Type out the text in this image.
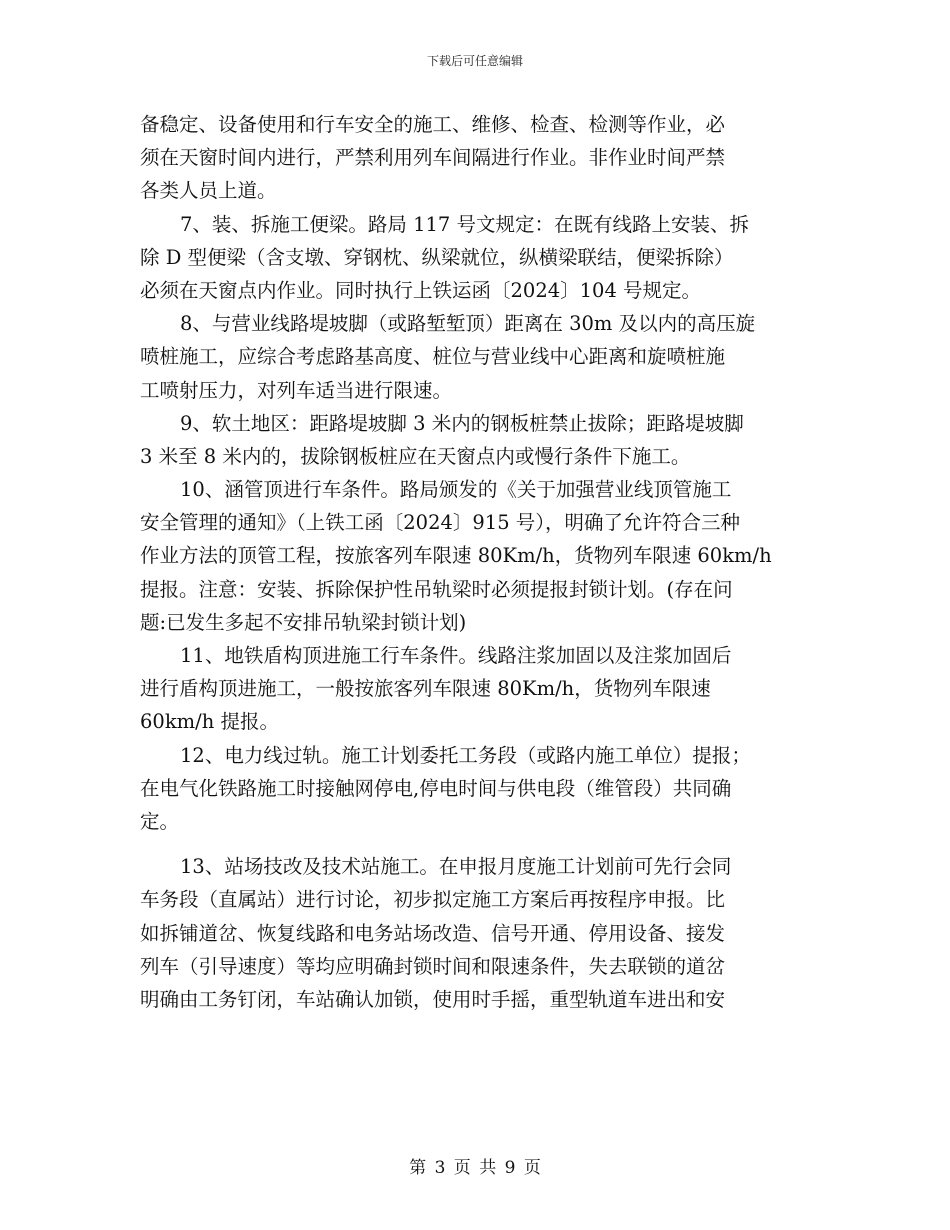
下载后可任意编辑
备稳定、设备使用和行车安全的施工、维修、检查、检测等作业，必
须在天窗时间内进行，严禁利用列车间隔进行作业。非作业时间严禁
各类人员上道。
7、装、拆施工便梁。路局 117 号文规定：在既有线路上安装、拆
除 D 型便梁（含支墩、穿钢枕、纵梁就位，纵横梁联结，便梁拆除）
必须在天窗点内作业。同时执行上铁运函〔2024〕104 号规定。
8、与营业线路堤坡脚（或路堑堑顶）距离在 30m 及以内的高压旋
喷桩施工，应综合考虑路基高度、桩位与营业线中心距离和旋喷桩施
工喷射压力，对列车适当进行限速。
9、软土地区：距路堤坡脚 3 米内的钢板桩禁止拔除；距路堤坡脚
3 米至 8 米内的，拔除钢板桩应在天窗点内或慢行条件下施工。
10、涵管顶进行车条件。路局颁发的《关于加强营业线顶管施工
安全管理的通知》（上铁工函〔2024〕915 号），明确了允许符合三种
作业方法的顶管工程，按旅客列车限速 80Km/h，货物列车限速 60km/h
提报。注意：安装、拆除保护性吊轨梁时必须提报封锁计划。(存在问
题:已发生多起不安排吊轨梁封锁计划)
11、地铁盾构顶进施工行车条件。线路注浆加固以及注浆加固后
进行盾构顶进施工，一般按旅客列车限速 80Km/h，货物列车限速
60km/h 提报。
12、电力线过轨。施工计划委托工务段（或路内施工单位）提报；
在电气化铁路施工时接触网停电,停电时间与供电段（维管段）共同确
定。
13、站场技改及技术站施工。在申报月度施工计划前可先行会同
车务段（直属站）进行讨论，初步拟定施工方案后再按程序申报。比
如拆铺道岔、恢复线路和电务站场改造、信号开通、停用设备、接发
列车（引导速度）等均应明确封锁时间和限速条件，失去联锁的道岔
明确由工务钉闭，车站确认加锁，使用时手摇，重型轨道车进出和安
第 3 页 共 9 页
